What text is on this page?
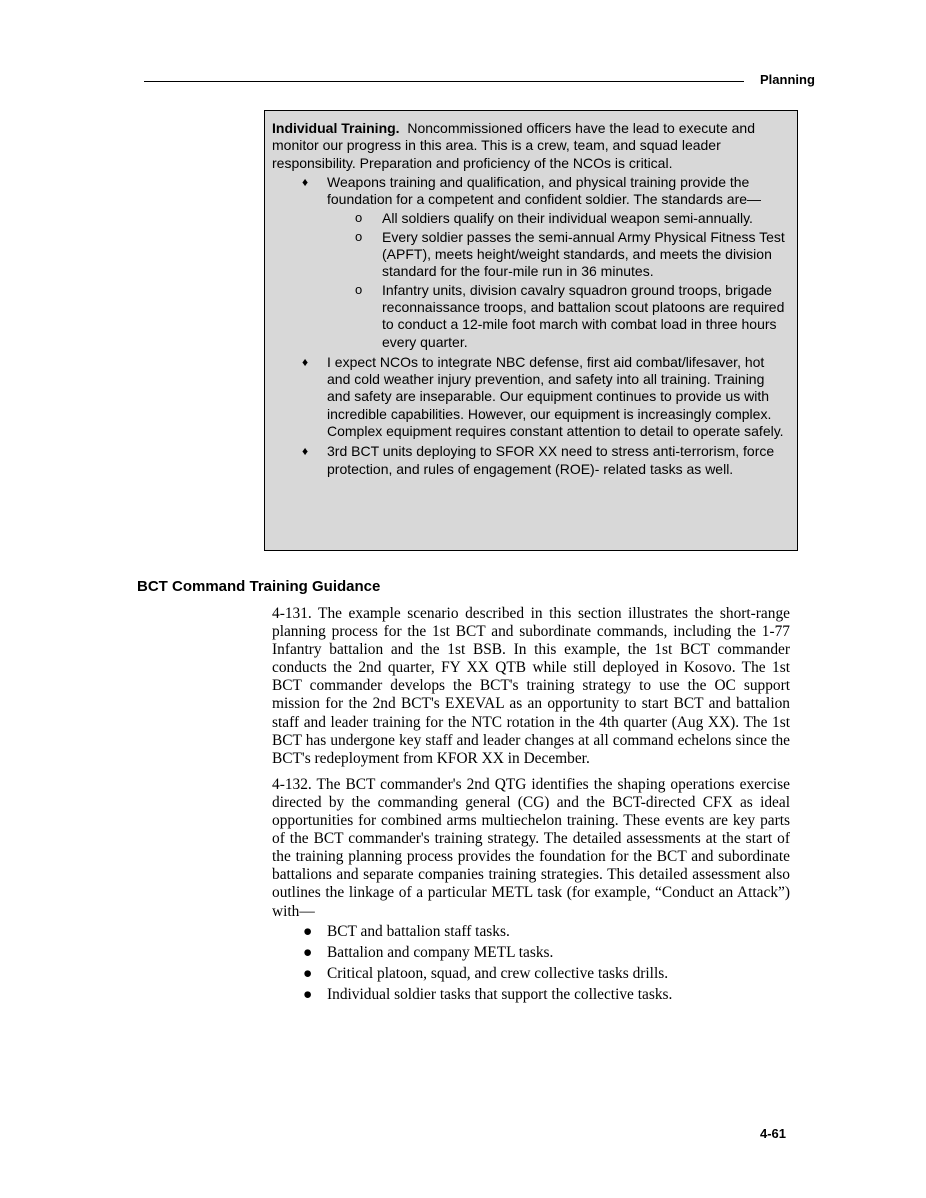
Planning

Individual Training. Noncommissioned officers have the lead to execute and monitor our progress in this area. This is a crew, team, and squad leader responsibility. Preparation and proficiency of the NCOs is critical.

♦ Weapons training and qualification, and physical training provide the foundation for a competent and confident soldier. The standards are—
o All soldiers qualify on their individual weapon semi-annually.
o Every soldier passes the semi-annual Army Physical Fitness Test (APFT), meets height/weight standards, and meets the division standard for the four-mile run in 36 minutes.
o Infantry units, division cavalry squadron ground troops, brigade reconnaissance troops, and battalion scout platoons are required to conduct a 12-mile foot march with combat load in three hours every quarter.
♦ I expect NCOs to integrate NBC defense, first aid combat/lifesaver, hot and cold weather injury prevention, and safety into all training. Training and safety are inseparable. Our equipment continues to provide us with incredible capabilities. However, our equipment is increasingly complex. Complex equipment requires constant attention to detail to operate safely.
♦ 3rd BCT units deploying to SFOR XX need to stress anti-terrorism, force protection, and rules of engagement (ROE)- related tasks as well.
BCT Command Training Guidance

4-131. The example scenario described in this section illustrates the short-range planning process for the 1st BCT and subordinate commands, including the 1-77 Infantry battalion and the 1st BSB. In this example, the 1st BCT commander conducts the 2nd quarter, FY XX QTB while still deployed in Kosovo. The 1st BCT commander develops the BCT's training strategy to use the OC support mission for the 2nd BCT's EXEVAL as an opportunity to start BCT and battalion staff and leader training for the NTC rotation in the 4th quarter (Aug XX). The 1st BCT has undergone key staff and leader changes at all command echelons since the BCT's redeployment from KFOR XX in December.

4-132. The BCT commander's 2nd QTG identifies the shaping operations exercise directed by the commanding general (CG) and the BCT-directed CFX as ideal opportunities for combined arms multiechelon training. These events are key parts of the BCT commander's training strategy. The detailed assessments at the start of the training planning process provides the foundation for the BCT and subordinate battalions and separate companies training strategies. This detailed assessment also outlines the linkage of a particular METL task (for example, “Conduct an Attack”) with—

● BCT and battalion staff tasks.
● Battalion and company METL tasks.
● Critical platoon, squad, and crew collective tasks drills.
● Individual soldier tasks that support the collective tasks.
4-61
